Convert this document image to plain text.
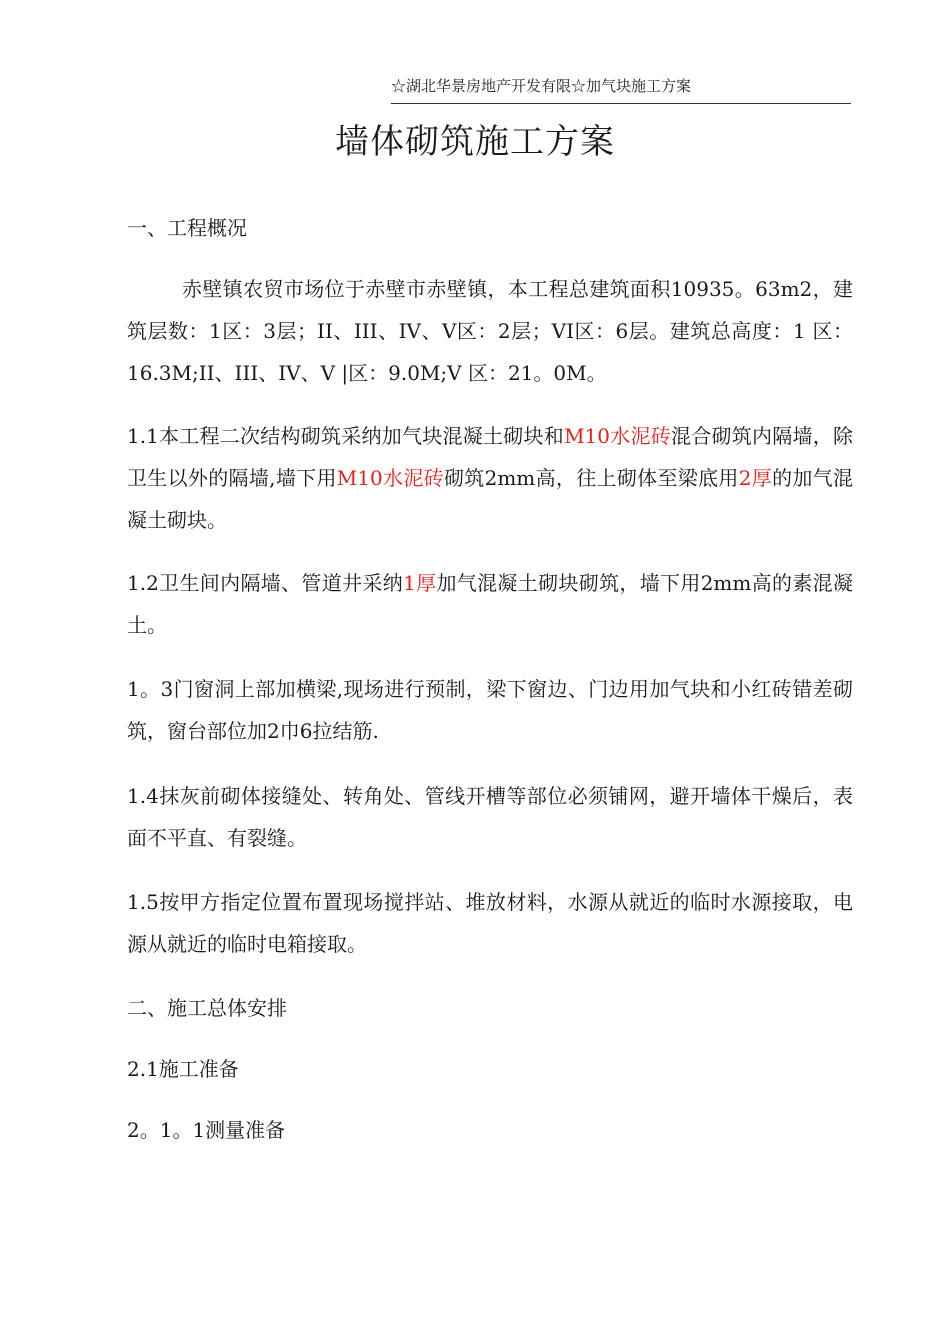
☆湖北华景房地产开发有限☆加气块施工方案
墙体砌筑施工方案
一、工程概况
赤壁镇农贸市场位于赤壁市赤壁镇，本工程总建筑面积10935。63m2，建筑层数：1区：3层；II、III、IV、V区：2层；VI区：6层。建筑总高度：1 区：16.3M;II、III、IV、V |区：9.0M;V 区：21。0M。
1.1本工程二次结构砌筑采纳加气块混凝土砌块和M10水泥砖混合砌筑内隔墙，除卫生以外的隔墙,墙下用M10水泥砖砌筑2mm高，往上砌体至梁底用2厚的加气混凝土砌块。
1.2卫生间内隔墙、管道井采纳1厚加气混凝土砌块砌筑，墙下用2mm高的素混凝土。
1。3门窗洞上部加横梁,现场进行预制，梁下窗边、门边用加气块和小红砖错差砌筑，窗台部位加2巾6拉结筋.
1.4抹灰前砌体接缝处、转角处、管线开槽等部位必须铺网，避开墙体干燥后，表面不平直、有裂缝。
1.5按甲方指定位置布置现场搅拌站、堆放材料，水源从就近的临时水源接取，电源从就近的临时电箱接取。
二、施工总体安排
2.1施工准备
2。1。1测量准备
